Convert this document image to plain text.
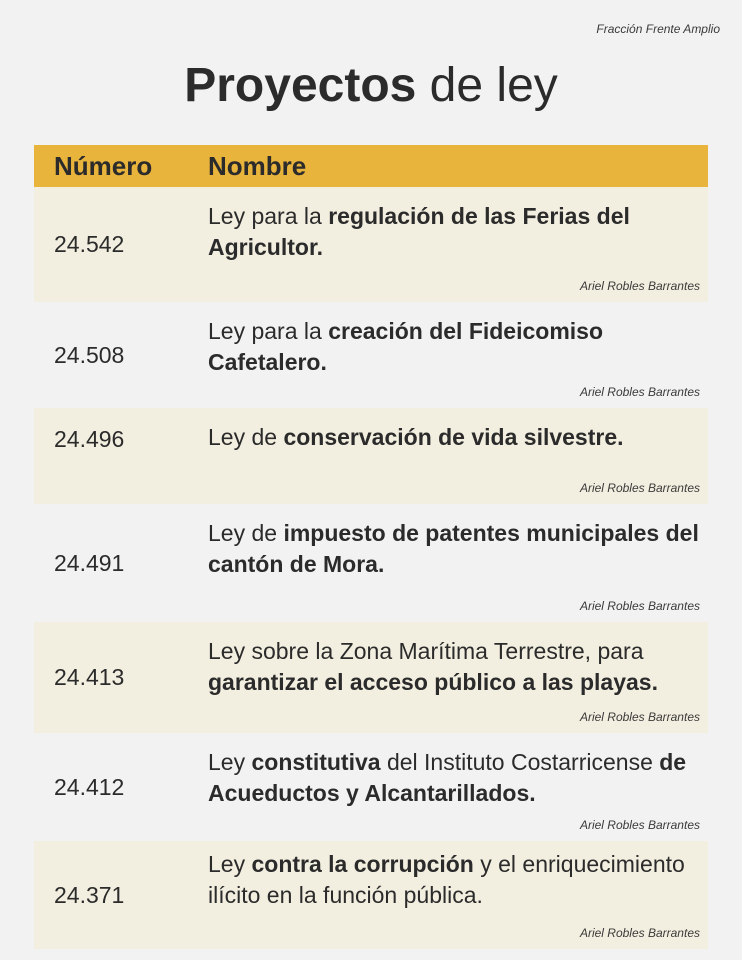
Fracción Frente Amplio
Proyectos de ley
Número	Nombre
24.542
Ley para la regulación de las Ferias del Agricultor.
Ariel Robles Barrantes
24.508
Ley para la creación del Fideicomiso Cafetalero.
Ariel Robles Barrantes
24.496	Ley de conservación de vida silvestre.
Ariel Robles Barrantes
24.491
Ley de impuesto de patentes municipales del cantón de Mora.
Ariel Robles Barrantes
24.413
Ley sobre la Zona Marítima Terrestre, para garantizar el acceso público a las playas.
Ariel Robles Barrantes
24.412
Ley constitutiva del Instituto Costarricense de Acueductos y Alcantarillados.
Ariel Robles Barrantes
24.371
Ley contra la corrupción y el enriquecimiento ilícito en la función pública.
Ariel Robles Barrantes
